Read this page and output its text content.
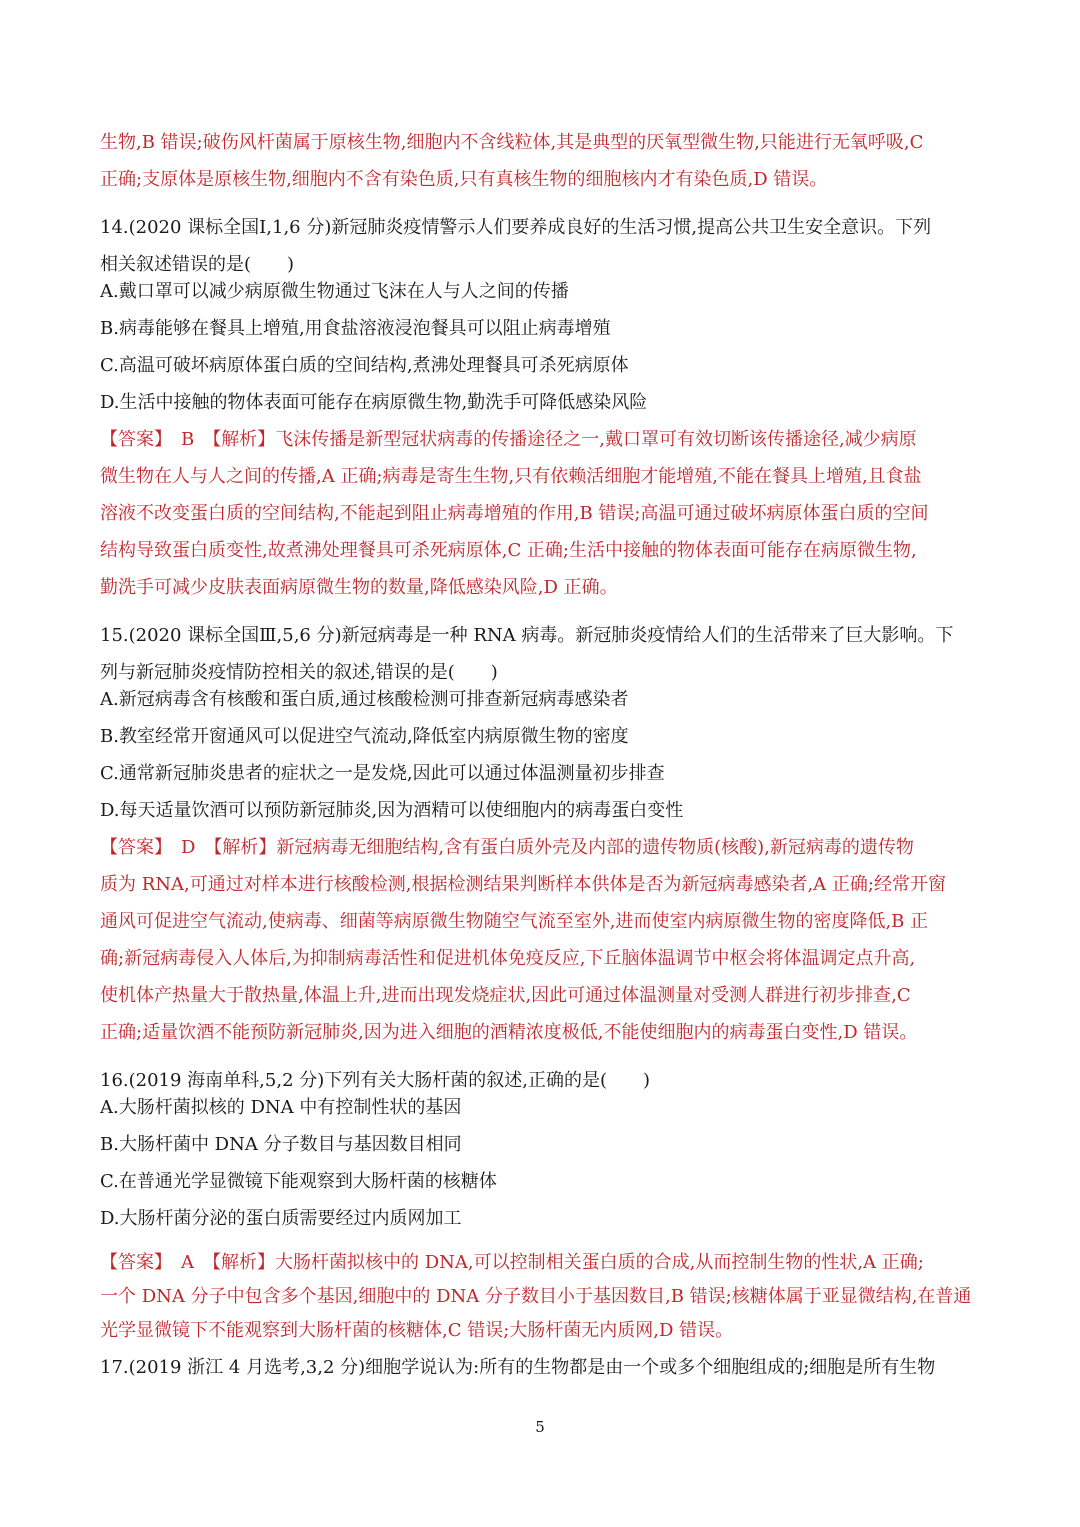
生物,B 错误;破伤风杆菌属于原核生物,细胞内不含线粒体,其是典型的厌氧型微生物,只能进行无氧呼吸,C
正确;支原体是原核生物,细胞内不含有染色质,只有真核生物的细胞核内才有染色质,D 错误。
14.(2020 课标全国Ⅰ,1,6 分)新冠肺炎疫情警示人们要养成良好的生活习惯,提高公共卫生安全意识。下列
相关叙述错误的是(　　)
A.戴口罩可以减少病原微生物通过飞沫在人与人之间的传播
B.病毒能够在餐具上增殖,用食盐溶液浸泡餐具可以阻止病毒增殖
C.高温可破坏病原体蛋白质的空间结构,煮沸处理餐具可杀死病原体
D.生活中接触的物体表面可能存在病原微生物,勤洗手可降低感染风险
【答案】　B　【解析】飞沫传播是新型冠状病毒的传播途径之一,戴口罩可有效切断该传播途径,减少病原
微生物在人与人之间的传播,A 正确;病毒是寄生生物,只有依赖活细胞才能增殖,不能在餐具上增殖,且食盐
溶液不改变蛋白质的空间结构,不能起到阻止病毒增殖的作用,B 错误;高温可通过破坏病原体蛋白质的空间
结构导致蛋白质变性,故煮沸处理餐具可杀死病原体,C 正确;生活中接触的物体表面可能存在病原微生物,
勤洗手可减少皮肤表面病原微生物的数量,降低感染风险,D 正确。
15.(2020 课标全国Ⅲ,5,6 分)新冠病毒是一种 RNA 病毒。新冠肺炎疫情给人们的生活带来了巨大影响。下
列与新冠肺炎疫情防控相关的叙述,错误的是(　　)
A.新冠病毒含有核酸和蛋白质,通过核酸检测可排查新冠病毒感染者
B.教室经常开窗通风可以促进空气流动,降低室内病原微生物的密度
C.通常新冠肺炎患者的症状之一是发烧,因此可以通过体温测量初步排查
D.每天适量饮酒可以预防新冠肺炎,因为酒精可以使细胞内的病毒蛋白变性
【答案】　D　【解析】新冠病毒无细胞结构,含有蛋白质外壳及内部的遗传物质(核酸),新冠病毒的遗传物
质为 RNA,可通过对样本进行核酸检测,根据检测结果判断样本供体是否为新冠病毒感染者,A 正确;经常开窗
通风可促进空气流动,使病毒、细菌等病原微生物随空气流至室外,进而使室内病原微生物的密度降低,B 正
确;新冠病毒侵入人体后,为抑制病毒活性和促进机体免疫反应,下丘脑体温调节中枢会将体温调定点升高,
使机体产热量大于散热量,体温上升,进而出现发烧症状,因此可通过体温测量对受测人群进行初步排查,C
正确;适量饮酒不能预防新冠肺炎,因为进入细胞的酒精浓度极低,不能使细胞内的病毒蛋白变性,D 错误。
16.(2019 海南单科,5,2 分)下列有关大肠杆菌的叙述,正确的是(　　)
A.大肠杆菌拟核的 DNA 中有控制性状的基因
B.大肠杆菌中 DNA 分子数目与基因数目相同
C.在普通光学显微镜下能观察到大肠杆菌的核糖体
D.大肠杆菌分泌的蛋白质需要经过内质网加工
【答案】　A　【解析】大肠杆菌拟核中的 DNA,可以控制相关蛋白质的合成,从而控制生物的性状,A 正确;
一个 DNA 分子中包含多个基因,细胞中的 DNA 分子数目小于基因数目,B 错误;核糖体属于亚显微结构,在普通
光学显微镜下不能观察到大肠杆菌的核糖体,C 错误;大肠杆菌无内质网,D 错误。
17.(2019 浙江 4 月选考,3,2 分)细胞学说认为:所有的生物都是由一个或多个细胞组成的;细胞是所有生物
5
